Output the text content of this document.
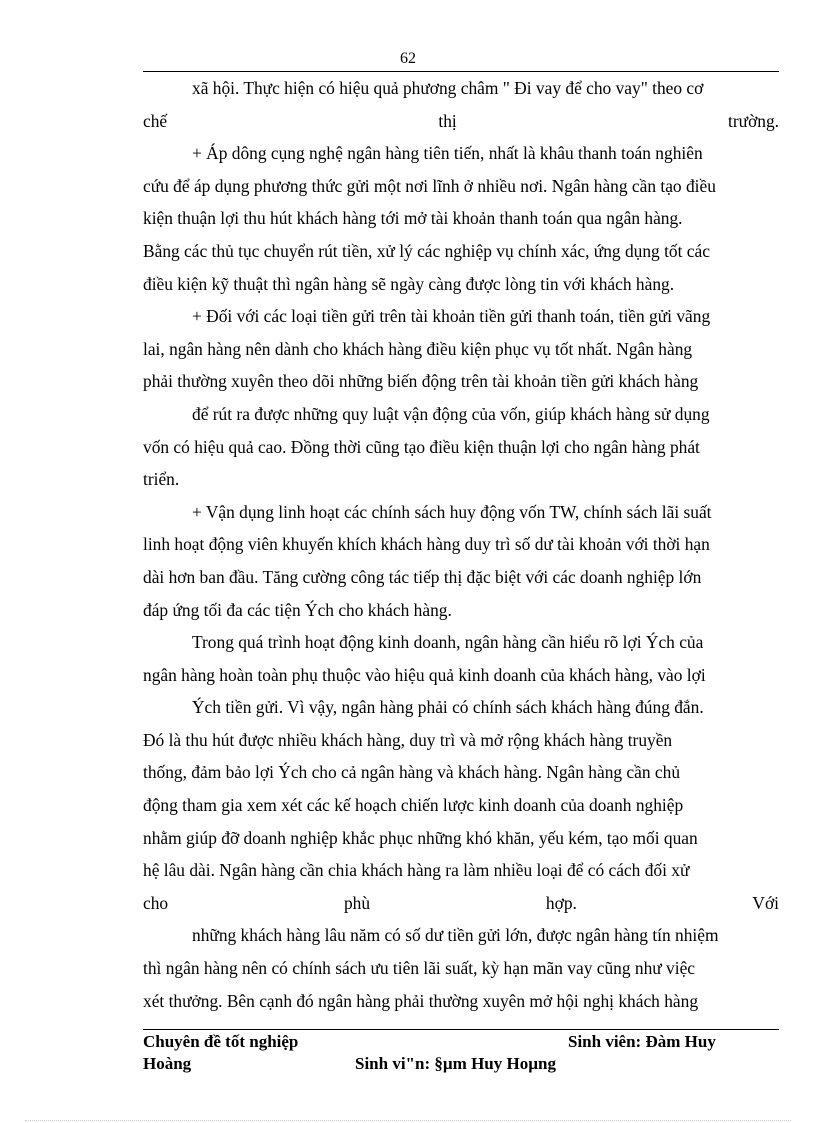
62
xã hội. Thực hiện có hiệu quả phương châm " Đi vay để cho vay" theo cơ
chế thị trường.
+ Áp dông cụng nghệ ngân hàng tiên tiến, nhất là khâu thanh toán nghiên
cứu để áp dụng phương thức gửi một nơi lĩnh ở nhiều nơi. Ngân hàng cần tạo điều
kiện thuận lợi thu hút khách hàng tới mở tài khoản thanh toán qua ngân hàng.
Bằng các thủ tục chuyển rút tiền, xử lý các nghiệp vụ chính xác, ứng dụng tốt các
điều kiện kỹ thuật thì ngân hàng sẽ ngày càng được lòng tin với khách hàng.
+ Đối với các loại tiền gửi trên tài khoản tiền gửi thanh toán, tiền gửi vãng
lai, ngân hàng nên dành cho khách hàng điều kiện phục vụ tốt nhất. Ngân hàng
phải thường xuyên theo dõi những biến động trên tài khoản tiền gửi khách hàng
để rút ra được những quy luật vận động của vốn, giúp khách hàng sử dụng
vốn có hiệu quả cao. Đồng thời cũng tạo điều kiện thuận lợi cho ngân hàng phát
triển.
+ Vận dụng linh hoạt các chính sách huy động vốn TW, chính sách lãi suất
linh hoạt động viên khuyến khích khách hàng duy trì số dư tài khoản với thời hạn
dài hơn ban đầu. Tăng cường công tác tiếp thị đặc biệt với các doanh nghiệp lớn
đáp ứng tối đa các tiện Ých cho khách hàng.
Trong quá trình hoạt động kinh doanh, ngân hàng cần hiểu rõ lợi Ých của
ngân hàng hoàn toàn phụ thuộc vào hiệu quả kinh doanh của khách hàng, vào lợi
Ých tiền gửi. Vì vậy, ngân hàng phải có chính sách khách hàng đúng đắn.
Đó là thu hút được nhiều khách hàng, duy trì và mở rộng khách hàng truyền
thống, đảm bảo lợi Ých cho cả ngân hàng và khách hàng. Ngân hàng cần chủ
động tham gia xem xét các kế hoạch chiến lược kinh doanh của doanh nghiệp
nhằm giúp đỡ doanh nghiệp khắc phục những khó khăn, yếu kém, tạo mối quan
hệ lâu dài. Ngân hàng cần chia khách hàng ra làm nhiều loại để có cách đối xử
cho phù hợp. Với
những khách hàng lâu năm có số dư tiền gửi lớn, được ngân hàng tín nhiệm
thì ngân hàng nên có chính sách ưu tiên lãi suất, kỳ hạn mãn vay cũng như việc
xét thưởng. Bên cạnh đó ngân hàng phải thường xuyên mở hội nghị khách hàng
Chuyên đề tốt nghiệp	Sinh viên: Đàm Huy
Hoàng	Sinh vi"n: §µm Huy Hoµng
